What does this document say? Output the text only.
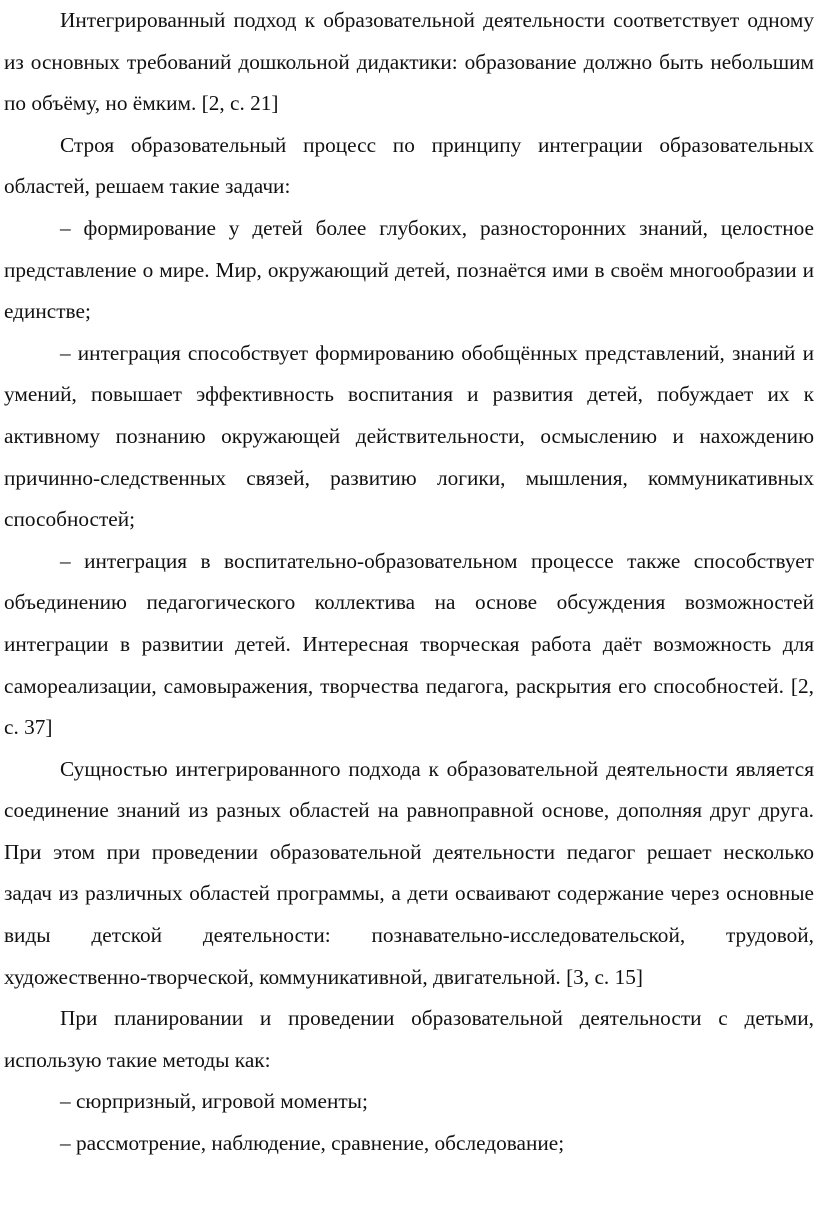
Интегрированный подход к образовательной деятельности соответствует одному из основных требований дошкольной дидактики: образование должно быть небольшим по объёму, но ёмким. [2, с. 21]

Строя образовательный процесс по принципу интеграции образовательных областей, решаем такие задачи:

– формирование у детей более глубоких, разносторонних знаний, целостное представление о мире. Мир, окружающий детей, познаётся ими в своём многообразии и единстве;

– интеграция способствует формированию обобщённых представлений, знаний и умений, повышает эффективность воспитания и развития детей, побуждает их к активному познанию окружающей действительности, осмыслению и нахождению причинно-следственных связей, развитию логики, мышления, коммуникативных способностей;

– интеграция в воспитательно-образовательном процессе также способствует объединению педагогического коллектива на основе обсуждения возможностей интеграции в развитии детей. Интересная творческая работа даёт возможность для самореализации, самовыражения, творчества педагога, раскрытия его способностей. [2, с. 37]

Сущностью интегрированного подхода к образовательной деятельности является соединение знаний из разных областей на равноправной основе, дополняя друг друга. При этом при проведении образовательной деятельности педагог решает несколько задач из различных областей программы, а дети осваивают содержание через основные виды детской деятельности: познавательно-исследовательской, трудовой, художественно-творческой, коммуникативной, двигательной. [3, с. 15]

При планировании и проведении образовательной деятельности с детьми, использую такие методы как:

– сюрпризный, игровой моменты;

– рассмотрение, наблюдение, сравнение, обследование;
